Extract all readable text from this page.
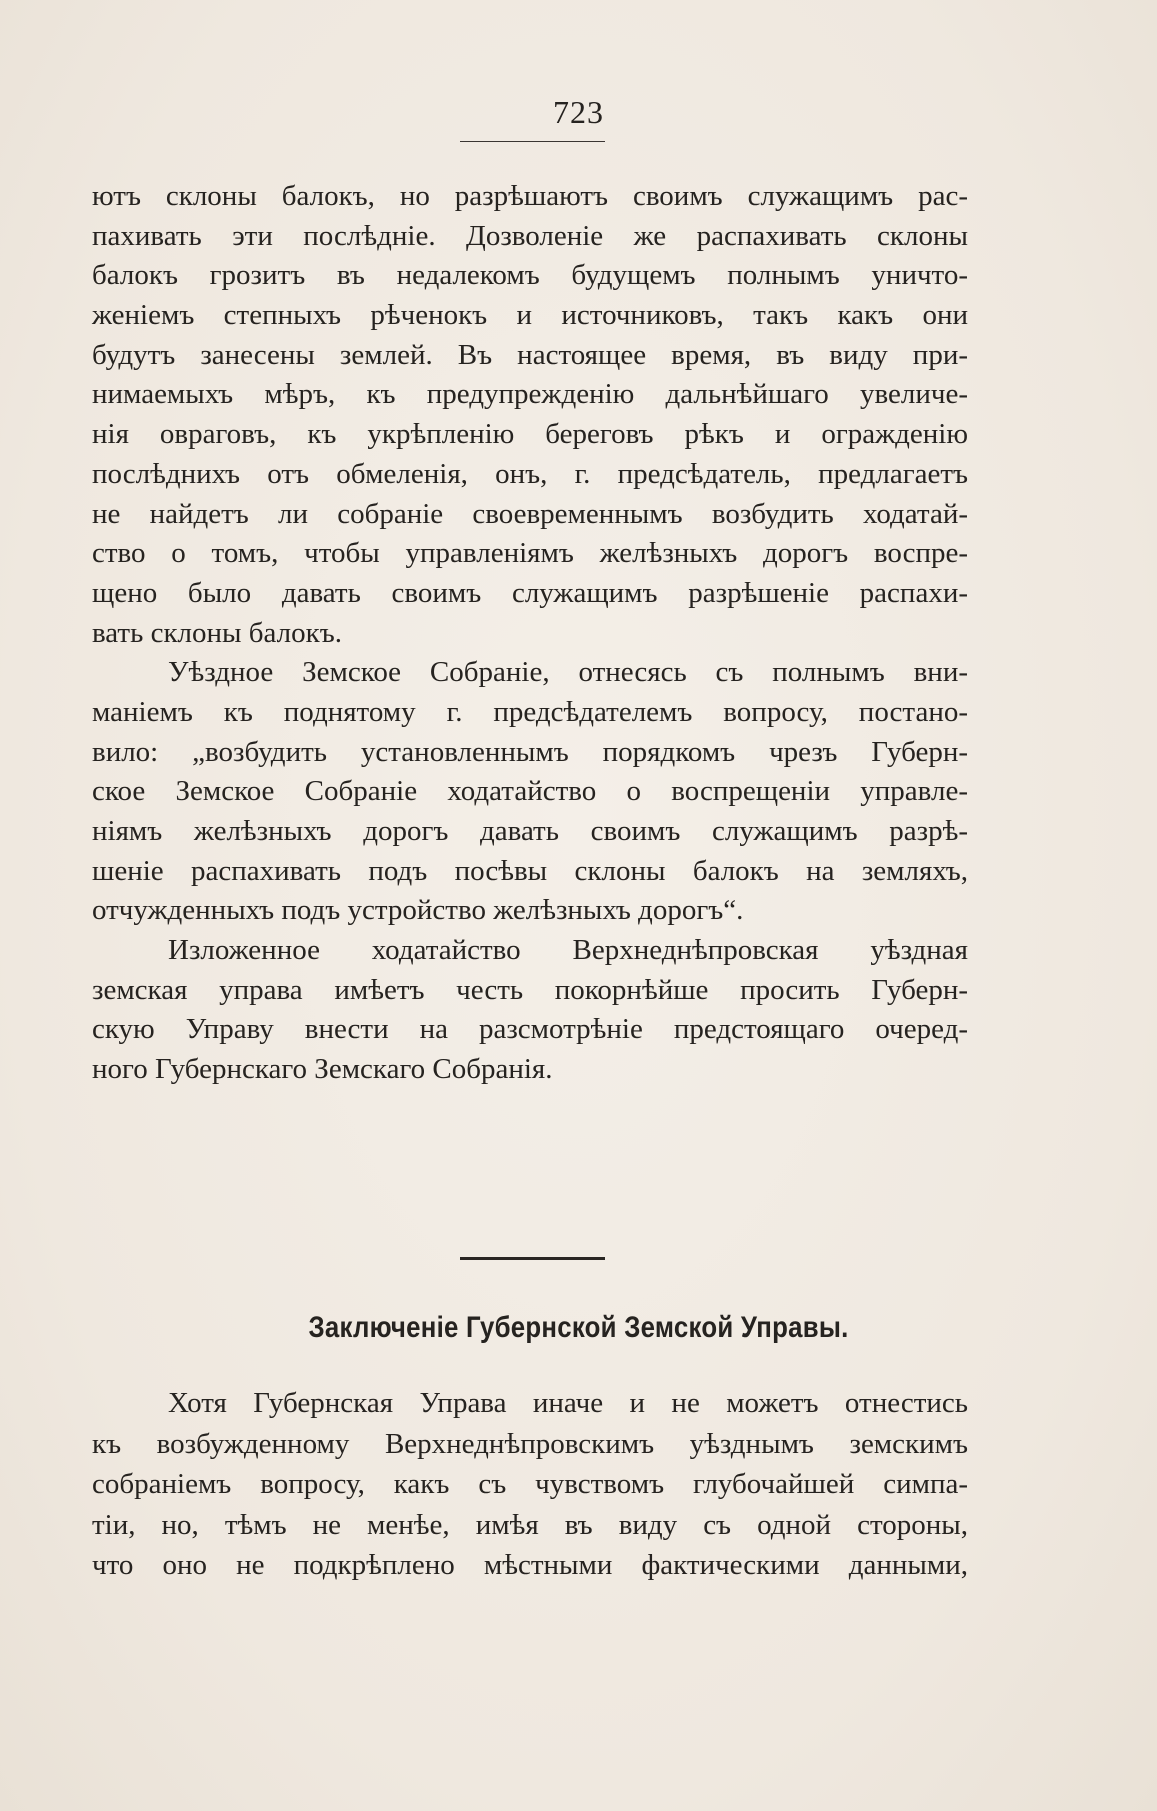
723
ютъ склоны балокъ, но разрѣшаютъ своимъ служащимъ рас-
пахивать эти послѣднie. Дозволенie же распахивать склоны
балокъ грозитъ въ недалекомъ будущемъ полнымъ уничто-
женieмъ степныхъ рѣченокъ и источниковъ, такъ какъ они
будутъ занесены землей. Въ настоящее время, въ виду при-
нимаемыхъ мѣръ, къ предупрежденiю дальнѣйшаго увеличе-
нiя овраговъ, къ укрѣпленiю береговъ рѣкъ и огражденiю
послѣднихъ отъ обмеленiя, онъ, г. предсѣдатель, предлагаетъ
не найдетъ ли собранie своевременнымъ возбудить ходатай-
ство о томъ, чтобы управленiямъ желѣзныхъ дорогъ воспре-
щено было давать своимъ служащимъ разрѣшенie распахи-
вать склоны балокъ.
Уѣздное Земское Собранie, отнесясь съ полнымъ вни-
манieмъ къ поднятому г. предсѣдателемъ вопросу, постано-
вило: „возбудить установленнымъ порядкомъ чрезъ Губерн-
ское Земское Собранie ходатайство о воспрещенiи управле-
нiямъ желѣзныхъ дорогъ давать своимъ служащимъ разрѣ-
шенie распахивать подъ посѣвы склоны балокъ на земляхъ,
отчужденныхъ подъ устройство желѣзныхъ дорогъ“.
Изложенное ходатайство Верхнеднѣпровская уѣздная
земская управа имѣетъ честь покорнѣйше просить Губерн-
скую Управу внести на разсмотрѣнie предстоящаго очеред-
ного Губернскаго Земскаго Собранiя.
Заключенie Губернской Земской Управы.
Хотя Губернская Управа иначе и не можетъ отнестись
къ возбужденному Верхнеднѣпровскимъ уѣзднымъ земскимъ
собранieмъ вопросу, какъ съ чувствомъ глубочайшей симпа-
тiи, но, тѣмъ не менѣе, имѣя въ виду съ одной стороны,
что оно не подкрѣплено мѣстными фактическими данными,
